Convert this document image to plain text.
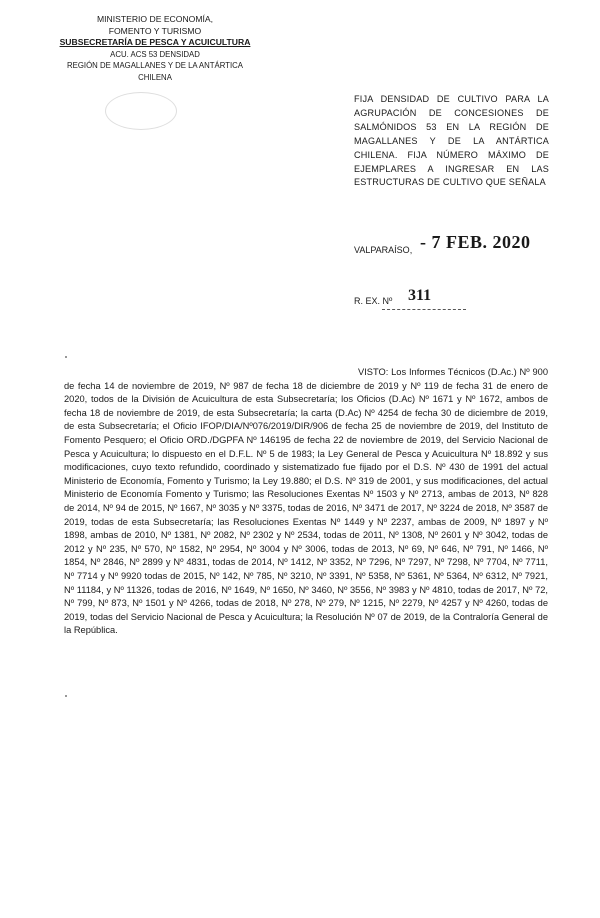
MINISTERIO DE ECONOMÍA,
FOMENTO Y TURISMO
SUBSECRETARÍA DE PESCA Y ACUICULTURA
ACU. ACS 53 DENSIDAD
REGIÓN DE MAGALLANES Y DE LA ANTÁRTICA CHILENA
FIJA DENSIDAD DE CULTIVO PARA LA AGRUPACIÓN DE CONCESIONES DE SALMÓNIDOS 53 EN LA REGIÓN DE MAGALLANES Y DE LA ANTÁRTICA CHILENA. FIJA NÚMERO MÁXIMO DE EJEMPLARES A INGRESAR EN LAS
ESTRUCTURAS DE CULTIVO QUE SEÑALA
VALPARAÍSO, - 7 FEB. 2020
R. EX. Nº 311
VISTO: Los Informes Técnicos (D.Ac.) Nº 900 de fecha 14 de noviembre de 2019, Nº 987 de fecha 18 de diciembre de 2019 y Nº 119 de fecha 31 de enero de 2020, todos de la División de Acuicultura de esta Subsecretaría; los Oficios (D.Ac) Nº 1671 y Nº 1672, ambos de fecha 18 de noviembre de 2019, de esta Subsecretaría; la carta (D.Ac) Nº 4254 de fecha 30 de diciembre de 2019, de esta Subsecretaría; el Oficio IFOP/DIA/Nº076/2019/DIR/906 de fecha 25 de noviembre de 2019, del Instituto de Fomento Pesquero; el Oficio ORD./DGPFA Nº 146195 de fecha 22 de noviembre de 2019, del Servicio Nacional de Pesca y Acuicultura; lo dispuesto en el D.F.L. Nº 5 de 1983; la Ley General de Pesca y Acuicultura Nº 18.892 y sus modificaciones, cuyo texto refundido, coordinado y sistematizado fue fijado por el D.S. Nº 430 de 1991 del actual Ministerio de Economía, Fomento y Turismo; la Ley 19.880; el D.S. Nº 319 de 2001, y sus modificaciones, del actual Ministerio de Economía Fomento y Turismo; las Resoluciones Exentas Nº 1503 y Nº 2713, ambas de 2013, Nº 828 de 2014, Nº 94 de 2015, Nº 1667, Nº 3035 y Nº 3375, todas de 2016, Nº 3471 de 2017, Nº 3224 de 2018, Nº 3587 de 2019, todas de esta Subsecretaría; las Resoluciones Exentas Nº 1449 y Nº 2237, ambas de 2009, Nº 1897 y Nº 1898, ambas de 2010, Nº 1381, Nº 2082, Nº 2302 y Nº 2534, todas de 2011, Nº 1308, Nº 2601 y Nº 3042, todas de 2012 y Nº 235, Nº 570, Nº 1582, Nº 2954, Nº 3004 y Nº 3006, todas de 2013, Nº 69, Nº 646, Nº 791, Nº 1466, Nº 1854, Nº 2846, Nº 2899 y Nº 4831, todas de 2014, Nº 1412, Nº 3352, Nº 7296, Nº 7297, Nº 7298, Nº 7704, Nº 7711, Nº 7714 y Nº 9920 todas de 2015, Nº 142, Nº 785, Nº 3210, Nº 3391, Nº 5358, Nº 5361, Nº 5364, Nº 6312, Nº 7921, Nº 11184, y Nº 11326, todas de 2016, Nº 1649, Nº 1650, Nº 3460, Nº 3556, Nº 3983 y Nº 4810, todas de 2017, Nº 72, Nº 799, Nº 873, Nº 1501 y Nº 4266, todas de 2018, Nº 278, Nº 279, Nº 1215, Nº 2279, Nº 4257 y Nº 4260, todas de 2019, todas del Servicio Nacional de Pesca y Acuicultura; la Resolución Nº 07 de 2019, de la Contraloría General de la República.
